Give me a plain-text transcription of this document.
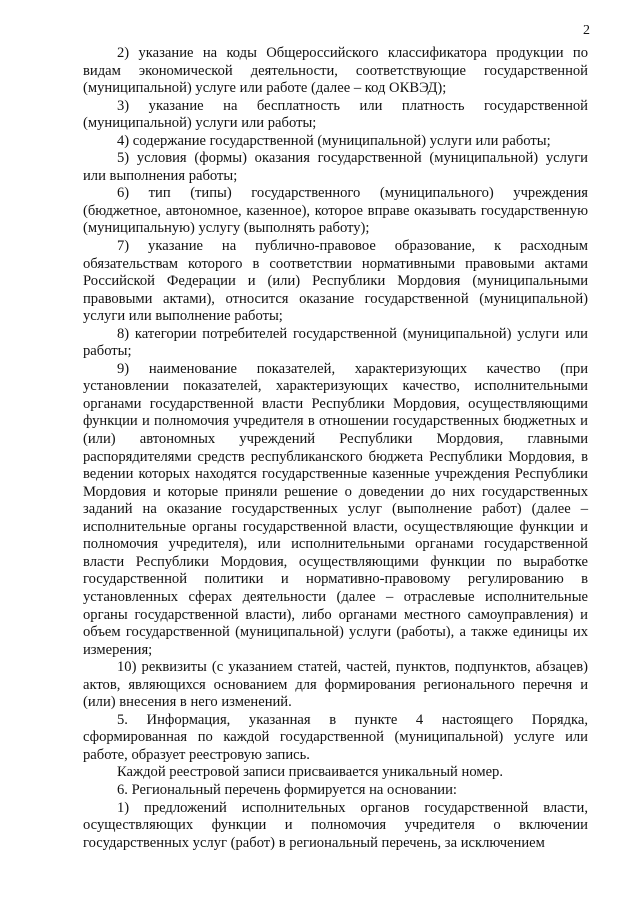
2

2) указание на коды Общероссийского классификатора продукции по видам экономической деятельности, соответствующие государственной (муниципальной) услуге или работе (далее – код ОКВЭД);

3) указание на бесплатность или платность государственной (муниципальной) услуги или работы;

4) содержание государственной (муниципальной) услуги или работы;

5) условия (формы) оказания государственной (муниципальной) услуги или выполнения работы;

6) тип (типы) государственного (муниципального) учреждения (бюджетное, автономное, казенное), которое вправе оказывать государственную (муниципальную) услугу (выполнять работу);

7) указание на публично-правовое образование, к расходным обязательствам которого в соответствии нормативными правовыми актами Российской Федерации и (или) Республики Мордовия (муниципальными правовыми актами), относится оказание государственной (муниципальной) услуги или выполнение работы;

8) категории потребителей государственной (муниципальной) услуги или работы;

9) наименование показателей, характеризующих качество (при установлении показателей, характеризующих качество, исполнительными органами государственной власти Республики Мордовия, осуществляющими функции и полномочия учредителя в отношении государственных бюджетных и (или) автономных учреждений Республики Мордовия, главными распорядителями средств республиканского бюджета Республики Мордовия, в ведении которых находятся государственные казенные учреждения Республики Мордовия и которые приняли решение о доведении до них государственных заданий на оказание государственных услуг (выполнение работ) (далее – исполнительные органы государственной власти, осуществляющие функции и полномочия учредителя), или исполнительными органами государственной власти Республики Мордовия, осуществляющими функции по выработке государственной политики и нормативно-правовому регулированию в установленных сферах деятельности (далее – отраслевые исполнительные органы государственной власти), либо органами местного самоуправления) и объем государственной (муниципальной) услуги (работы), а также единицы их измерения;

10) реквизиты (с указанием статей, частей, пунктов, подпунктов, абзацев) актов, являющихся основанием для формирования регионального перечня и (или) внесения в него изменений.

5. Информация, указанная в пункте 4 настоящего Порядка, сформированная по каждой государственной (муниципальной) услуге или работе, образует реестровую запись.

Каждой реестровой записи присваивается уникальный номер.

6. Региональный перечень формируется на основании:

1) предложений исполнительных органов государственной власти, осуществляющих функции и полномочия учредителя о включении государственных услуг (работ) в региональный перечень, за исключением
